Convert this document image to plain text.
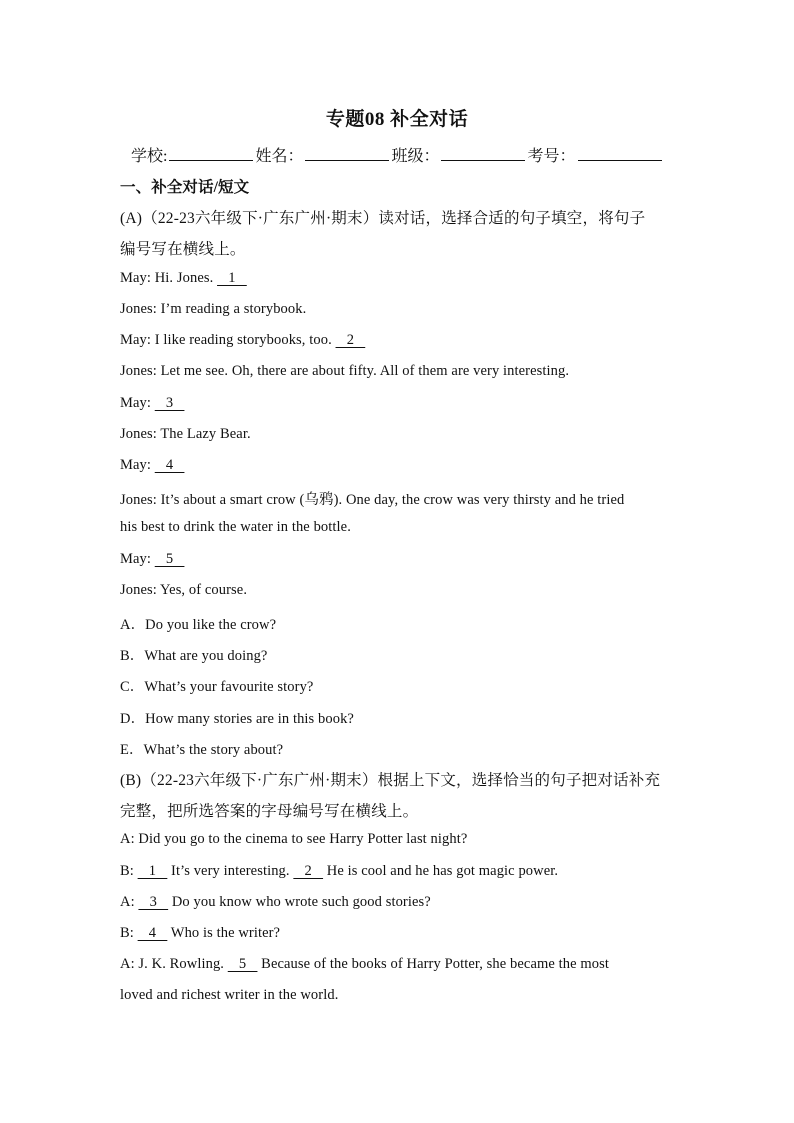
专题08 补全对话
学校:	姓名：	班级：	考号：
一、补全对话/短文
(A)（22-23六年级下·广东广州·期末）读对话，选择合适的句子填空，将句子
编号写在横线上。
May: Hi. Jones.    1
Jones: I’m reading a storybook.
May: I like reading storybooks, too.    2
Jones: Let me see. Oh, there are about fifty. All of them are very interesting.
May:    3
Jones: The Lazy Bear.
May:    4
Jones: It’s about a smart crow (乌鸦). One day, the crow was very thirsty and he tried
his best to drink the water in the bottle.
May:    5
Jones: Yes, of course.
A．Do you like the crow?
B．What are you doing?
C．What’s your favourite story?
D．How many stories are in this book?
E．What’s the story about?
(B)（22-23六年级下·广东广州·期末）根据上下文，选择恰当的句子把对话补充
完整，把所选答案的字母编号写在横线上。
A: Did you go to the cinema to see Harry Potter last night?
B:    1    It’s very interesting.    2    He is cool and he has got magic power.
A:    3    Do you know who wrote such good stories?
B:    4    Who is the writer?
A: J. K. Rowling.    5    Because of the books of Harry Potter, she became the most
loved and richest writer in the world.
